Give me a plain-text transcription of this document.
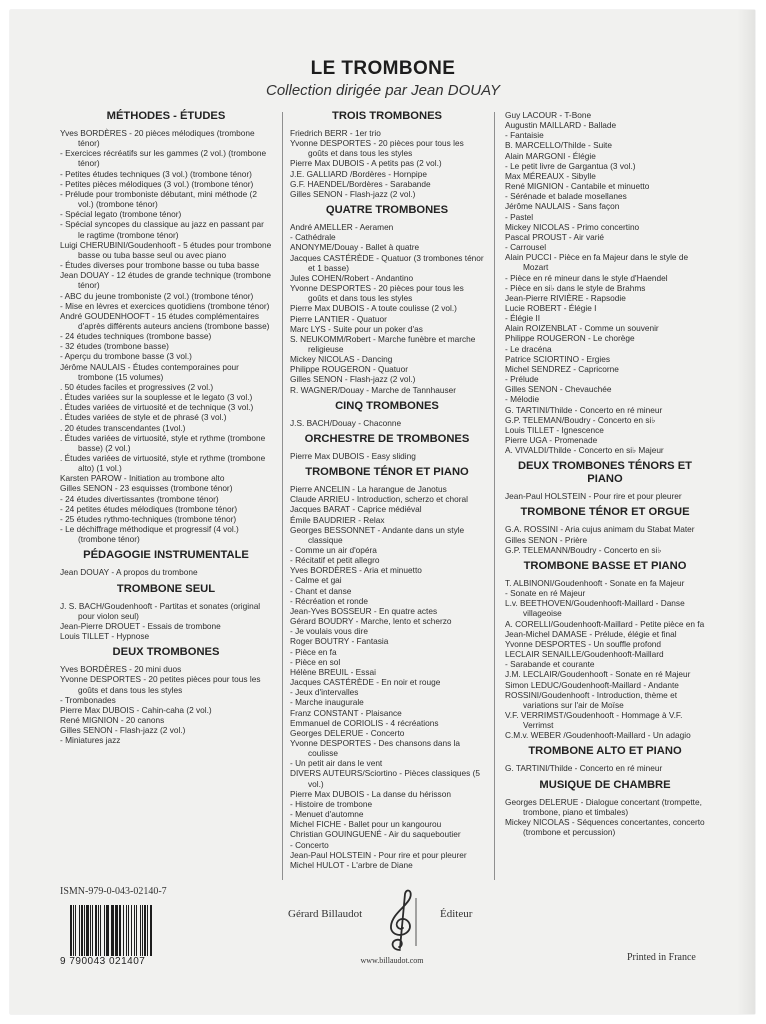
LE TROMBONE
Collection dirigée par Jean DOUAY
MÉTHODES - ÉTUDES
Yves BORDÈRES - 20 pièces mélodiques (trombone ténor)
- Exercices récréatifs sur les gammes (2 vol.) (trombone ténor)
- Petites études techniques (3 vol.) (trombone ténor)
- Petites pièces mélodiques (3 vol.) (trombone ténor)
- Prélude pour tromboniste débutant, mini méthode (2 vol.) (trombone ténor)
- Spécial legato (trombone ténor)
- Spécial syncopes du classique au jazz en passant par le ragtime (trombone ténor)
Luigi CHERUBINI/Goudenhooft - 5 études pour trombone basse ou tuba basse seul ou avec piano
- Études diverses pour trombone basse ou tuba basse
Jean DOUAY - 12 études de grande technique (trombone ténor)
- ABC du jeune tromboniste (2 vol.) (trombone ténor)
- Mise en lèvres et exercices quotidiens (trombone ténor)
André GOUDENHOOFT - 15 études complémentaires d'après différents auteurs anciens (trombone basse)
- 24 études techniques (trombone basse)
- 32 études (trombone basse)
- Aperçu du trombone basse (3 vol.)
Jérôme NAULAIS - Études contemporaines pour trombone (15 volumes)
. 50 études faciles et progressives (2 vol.)
. Études variées sur la souplesse et le legato (3 vol.)
. Études variées de virtuosité et de technique (3 vol.)
. Études variées de style et de phrasé (3 vol.)
. 20 études transcendantes (1vol.)
. Études variées de virtuosité, style et rythme (trombone basse) (2 vol.)
. Études variées de virtuosité, style et rythme (trombone alto) (1 vol.)
Karsten PAROW - Initiation au trombone alto
Gilles SENON - 23 esquisses (trombone ténor)
- 24 études divertissantes (trombone ténor)
- 24 petites études mélodiques (trombone ténor)
- 25 études rythmo-techniques (trombone ténor)
- Le déchiffrage méthodique et progressif (4 vol.) (trombone ténor)
PÉDAGOGIE INSTRUMENTALE
Jean DOUAY - A propos du trombone
TROMBONE SEUL
J. S. BACH/Goudenhooft - Partitas et sonates (original pour violon seul)
Jean-Pierre DROUET - Essais de trombone
Louis TILLET - Hypnose
DEUX TROMBONES
Yves BORDÈRES - 20 mini duos
Yvonne DESPORTES - 20 petites pièces pour tous les goûts et dans tous les styles
- Trombonades
Pierre Max DUBOIS - Cahin-caha (2 vol.)
René MIGNION - 20 canons
Gilles SENON - Flash-jazz (2 vol.)
- Miniatures jazz
TROIS TROMBONES
Friedrich BERR - 1er trio
Yvonne DESPORTES - 20 pièces pour tous les goûts et dans tous les styles
Pierre Max DUBOIS - A petits pas (2 vol.)
J.E. GALLIARD /Bordères - Hornpipe
G.F. HAENDEL/Bordères - Sarabande
Gilles SENON - Flash-jazz (2 vol.)
QUATRE TROMBONES
André AMELLER - Aeramen
- Cathédrale
ANONYME/Douay - Ballet à quatre
Jacques CASTÉRÈDE - Quatuor (3 trombones ténor et 1 basse)
Jules COHEN/Robert - Andantino
Yvonne DESPORTES - 20 pièces pour tous les goûts et dans tous les styles
Pierre Max DUBOIS - A toute coulisse (2 vol.)
Pierre LANTIER - Quatuor
Marc LYS - Suite pour un poker d'as
S. NEUKOMM/Robert - Marche funèbre et marche religieuse
Mickey NICOLAS - Dancing
Philippe ROUGERON - Quatuor
Gilles SENON - Flash-jazz (2 vol.)
R. WAGNER/Douay - Marche de Tannhauser
CINQ TROMBONES
J.S. BACH/Douay - Chaconne
ORCHESTRE DE TROMBONES
Pierre Max DUBOIS - Easy sliding
TROMBONE TÉNOR ET PIANO
Pierre ANCELIN - La harangue de Janotus
Claude ARRIEU - Introduction, scherzo et choral
Jacques BARAT - Caprice médiéval
Émile BAUDRIER - Relax
Georges BESSONNET - Andante dans un style classique
- Comme un air d'opéra
- Récitatif et petit allegro
Yves BORDÈRES - Aria et minuetto
- Calme et gai
- Chant et danse
- Récréation et ronde
Jean-Yves BOSSEUR - En quatre actes
Gérard BOUDRY - Marche, lento et scherzo
- Je voulais vous dire
Roger BOUTRY - Fantasia
- Pièce en fa
- Pièce en sol
Hélène BREUIL - Essai
Jacques CASTÉRÈDE - En noir et rouge
- Jeux d'intervalles
- Marche inaugurale
Franz CONSTANT - Plaisance
Emmanuel de CORIOLIS - 4 récréations
Georges DELERUE - Concerto
Yvonne DESPORTES - Des chansons dans la coulisse
- Un petit air dans le vent
DIVERS AUTEURS/Sciortino - Pièces classiques (5 vol.)
Pierre Max DUBOIS - La danse du hérisson
- Histoire de trombone
- Menuet d'automne
Michel FICHE - Ballet pour un kangourou
Christian GOUINGUENÉ - Air du saqueboutier
- Concerto
Jean-Paul HOLSTEIN - Pour rire et pour pleurer
Michel HULOT - L'arbre de Diane
Guy LACOUR - T-Bone
Augustin MAILLARD - Ballade
- Fantaisie
B. MARCELLO/Thilde - Suite
Alain MARGONI - Élégie
- Le petit livre de Gargantua (3 vol.)
Max MÉREAUX - Sibylle
René MIGNION - Cantabile et minuetto
- Sérénade et balade mosellanes
Jérôme NAULAIS - Sans façon
- Pastel
Mickey NICOLAS - Primo concertino
Pascal PROUST - Air varié
- Carrousel
Alain PUCCI - Pièce en fa Majeur dans le style de Mozart
- Pièce en ré mineur dans le style d'Haendel
- Pièce en si♭ dans le style de Brahms
Jean-Pierre RIVIÈRE - Rapsodie
Lucie ROBERT - Élégie I
- Élégie II
Alain ROIZENBLAT - Comme un souvenir
Philippe ROUGERON - Le chorège
- Le dracéna
Patrice SCIORTINO - Ergies
Michel SENDREZ - Capricorne
- Prélude
Gilles SENON - Chevauchée
- Mélodie
G. TARTINI/Thilde - Concerto en ré mineur
G.P. TELEMAN/Boudry - Concerto en si♭
Louis TILLET - Ignescence
Pierre UGA - Promenade
A. VIVALDI/Thilde - Concerto en si♭ Majeur
DEUX TROMBONES TÉNORS ET PIANO
Jean-Paul HOLSTEIN - Pour rire et pour pleurer
TROMBONE TÉNOR ET ORGUE
G.A. ROSSINI - Aria cujus animam du Stabat Mater
Gilles SENON - Prière
G.P. TELEMANN/Boudry - Concerto en si♭
TROMBONE BASSE ET PIANO
T. ALBINONI/Goudenhooft - Sonate en fa Majeur
- Sonate en ré Majeur
L.v. BEETHOVEN/Goudenhooft-Maillard - Danse villageoise
A. CORELLI/Goudenhooft-Maillard - Petite pièce en fa
Jean-Michel DAMASE - Prélude, élégie et final
Yvonne DESPORTES - Un souffle profond
LECLAIR SENAILLE/Goudenhooft-Maillard
- Sarabande et courante
J.M. LECLAIR/Goudenhooft - Sonate en ré Majeur
Simon LEDUC/Goudenhooft-Maillard - Andante
ROSSINI/Goudenhooft - Introduction, thème et variations sur l'air de Moïse
V.F. VERRIMST/Goudenhooft - Hommage à V.F. Verrimst
C.M.v. WEBER /Goudenhooft-Maillard - Un adagio
TROMBONE ALTO ET PIANO
G. TARTINI/Thilde - Concerto en ré mineur
MUSIQUE DE CHAMBRE
Georges DELERUE - Dialogue concertant (trompette, trombone, piano et timbales)
Mickey NICOLAS - Séquences concertantes, concerto (trombone et percussion)
ISMN-979-0-043-02140-7
9 790043 021407
Gérard Billaudot	Éditeur
www.billaudot.com	Printed in France
